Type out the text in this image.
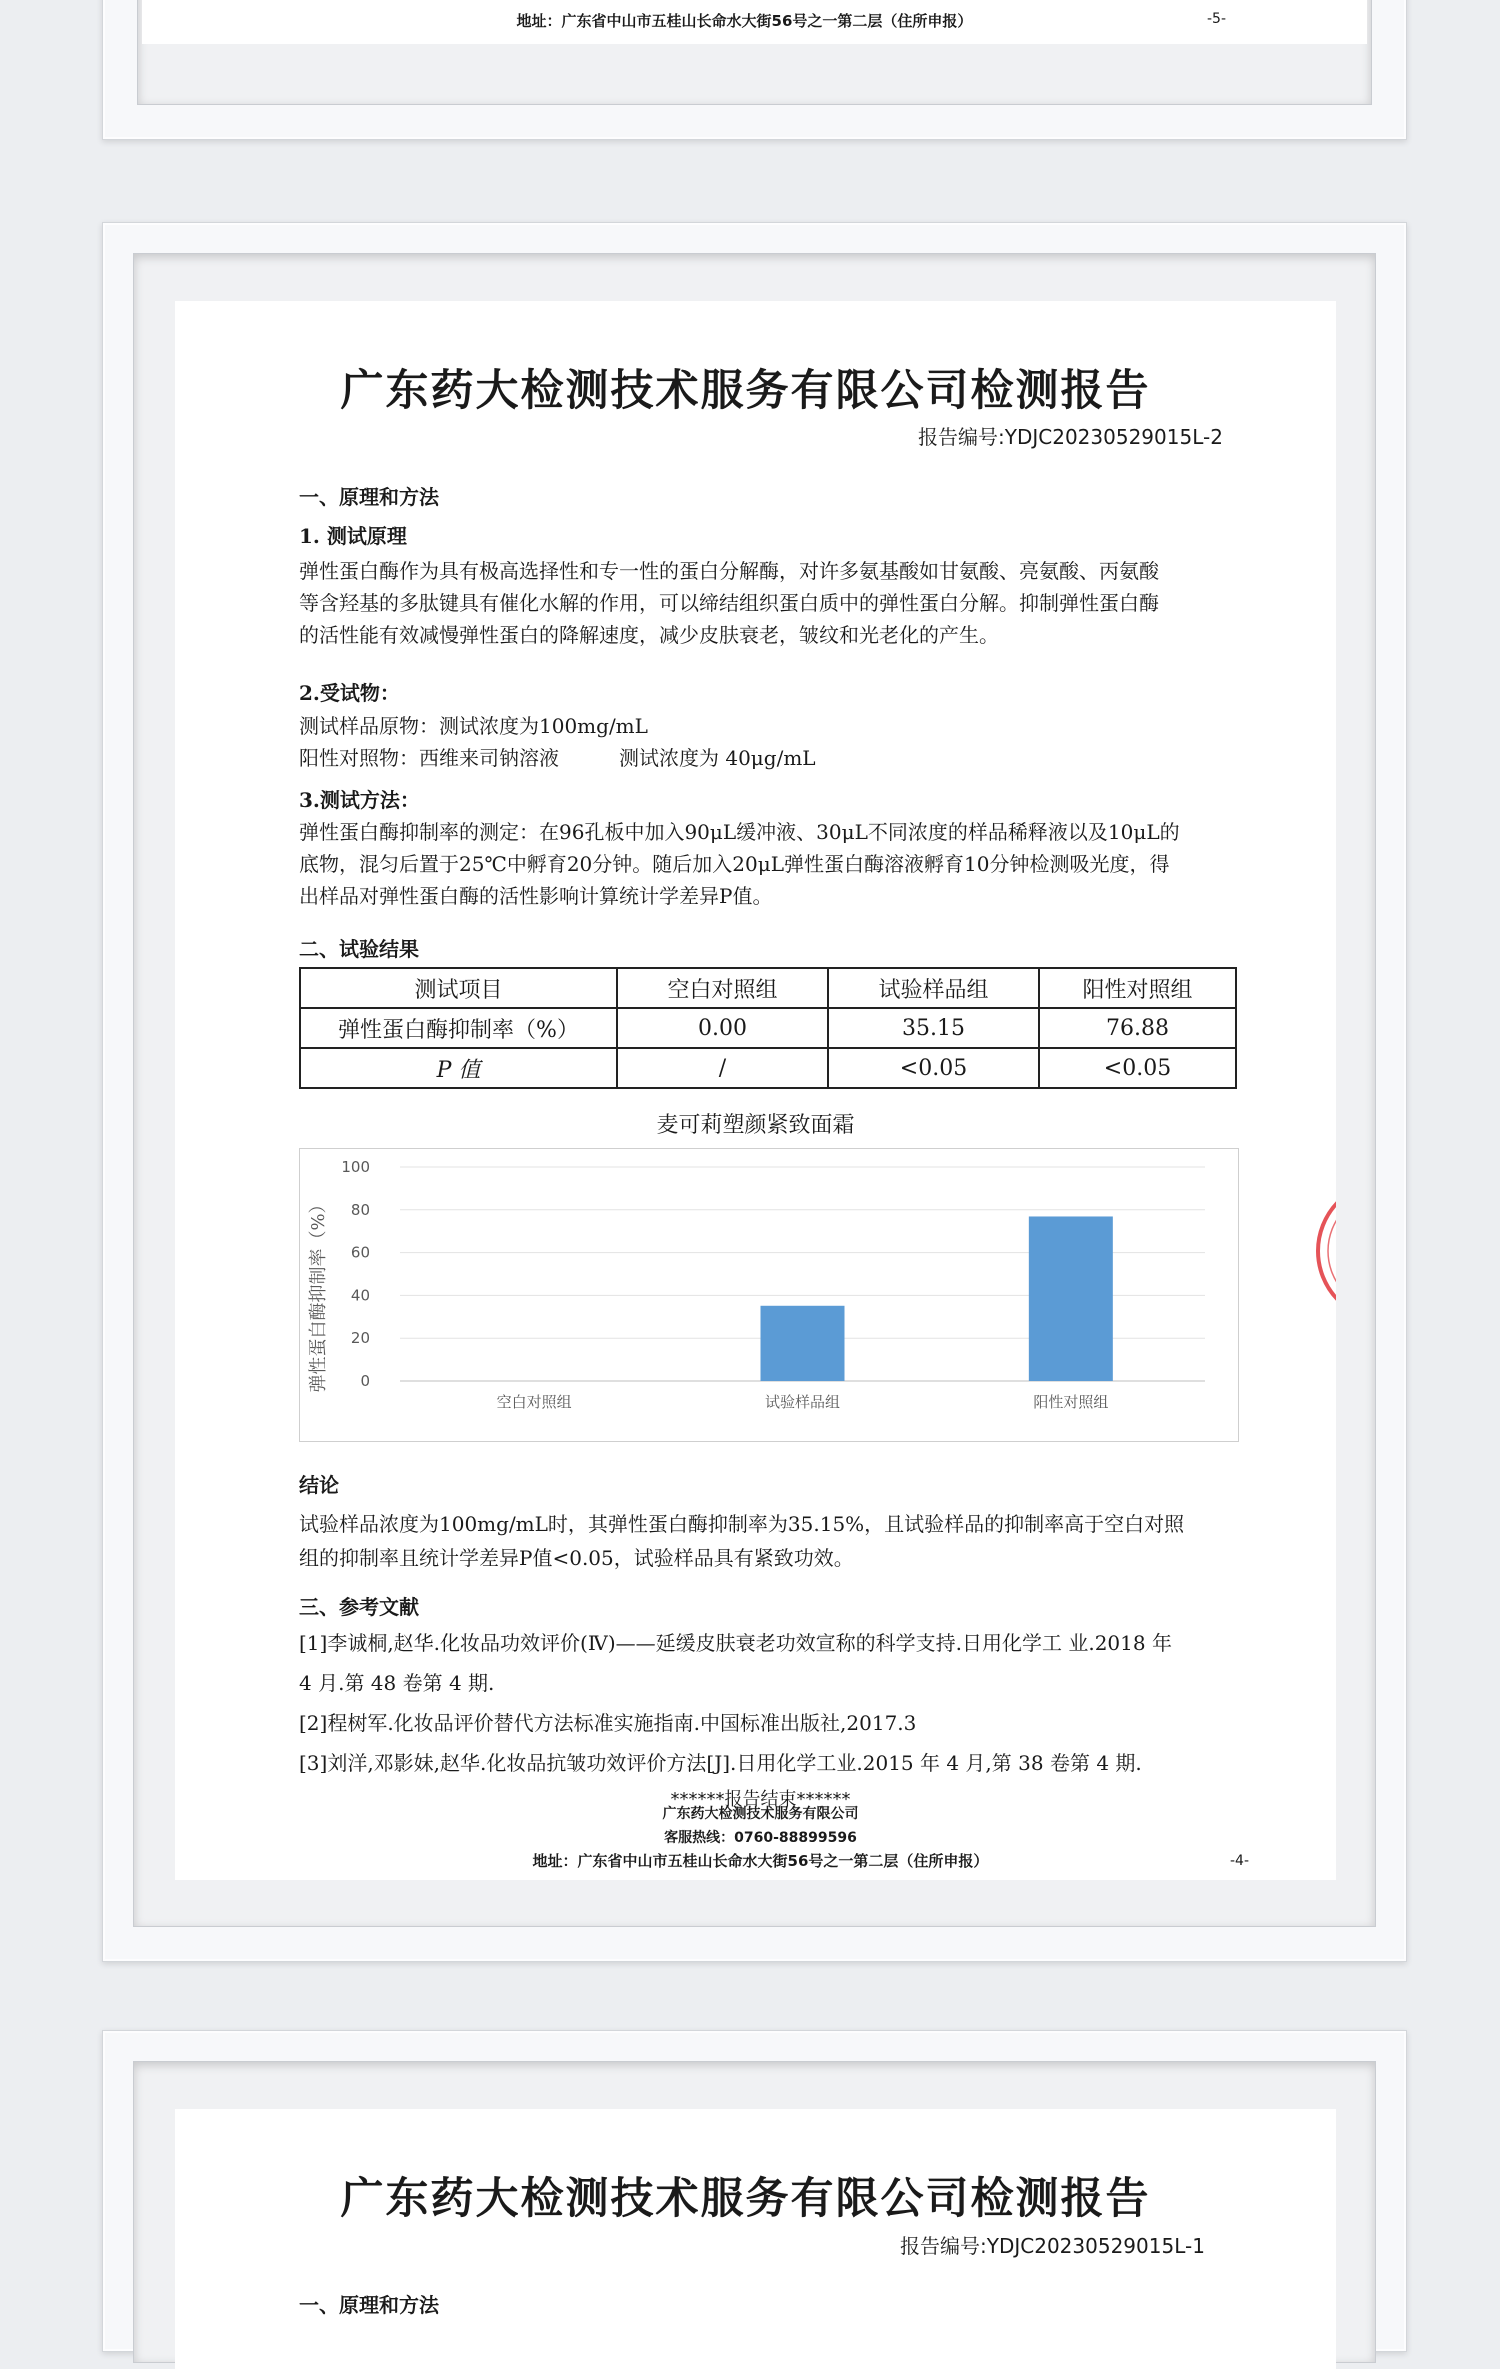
地址：广东省中山市五桂山长命水大街56号之一第二层（住所申报）	-5-
广东药大检测技术服务有限公司检测报告
报告编号:YDJC20230529015L-2
一、原理和方法
1. 测试原理
弹性蛋白酶作为具有极高选择性和专一性的蛋白分解酶，对许多氨基酸如甘氨酸、亮氨酸、丙氨酸
等含羟基的多肽键具有催化水解的作用，可以缔结组织蛋白质中的弹性蛋白分解。抑制弹性蛋白酶
的活性能有效减慢弹性蛋白的降解速度，减少皮肤衰老，皱纹和光老化的产生。
2.受试物：
测试样品原物：测试浓度为100mg/mL
阳性对照物：西维来司钠溶液　　　测试浓度为 40μg/mL
3.测试方法：
弹性蛋白酶抑制率的测定：在96孔板中加入90μL缓冲液、30μL不同浓度的样品稀释液以及10μL的
底物，混匀后置于25℃中孵育20分钟。随后加入20μL弹性蛋白酶溶液孵育10分钟检测吸光度，得
出样品对弹性蛋白酶的活性影响计算统计学差异P值。
二、试验结果
测试项目	空白对照组	试验样品组	阳性对照组
弹性蛋白酶抑制率（%）	0.00	35.15	76.88
P 值	/	<0.05	<0.05
麦可莉塑颜紧致面霜
0
20
40
60
80
100
弹性蛋白酶抑制率（%）
空白对照组	试验样品组	阳性对照组
结论
试验样品浓度为100mg/mL时，其弹性蛋白酶抑制率为35.15%，且试验样品的抑制率高于空白对照
组的抑制率且统计学差异P值<0.05，试验样品具有紧致功效。
三、参考文献
[1]李诚桐,赵华.化妆品功效评价(Ⅳ)——延缓皮肤衰老功效宣称的科学支持.日用化学工 业.2018 年
4 月.第 48 卷第 4 期.
[2]程树军.化妆品评价替代方法标准实施指南.中国标准出版社,2017.3
[3]刘洋,邓影妹,赵华.化妆品抗皱功效评价方法[J].日用化学工业.2015 年 4 月,第 38 卷第 4 期.
******报告结束******
广东药大检测技术服务有限公司
客服热线：0760-88899596
地址：广东省中山市五桂山长命水大街56号之一第二层（住所申报）	-4-
广东药大检测技术服务有限公司检测报告
报告编号:YDJC20230529015L-1
一、原理和方法
